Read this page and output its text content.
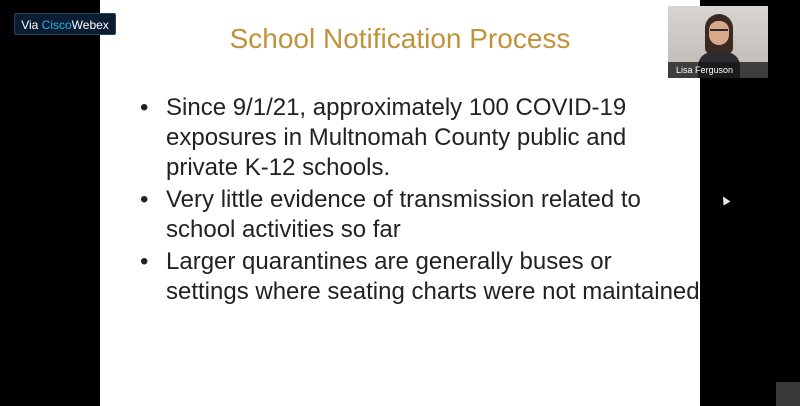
School Notification Process
• Since 9/1/21, approximately 100 COVID-19 exposures in Multnomah County public and private K-12 schools.
• Very little evidence of transmission related to school activities so far
• Larger quarantines are generally buses or settings where seating charts were not maintained
Via CiscoWebex
Lisa Ferguson
